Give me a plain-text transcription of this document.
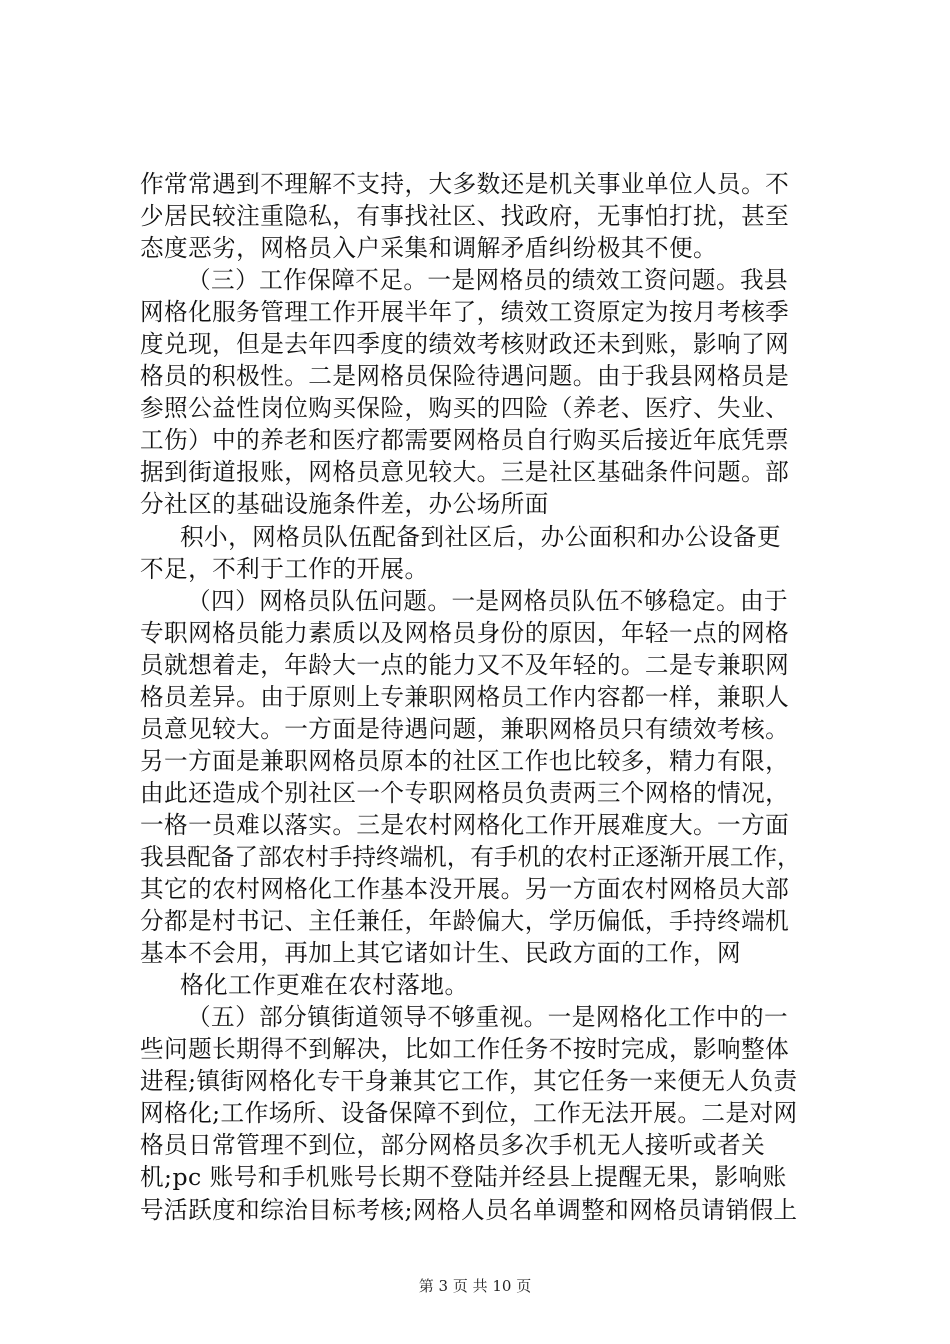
作常常遇到不理解不支持，大多数还是机关事业单位人员。不
少居民较注重隐私，有事找社区、找政府，无事怕打扰，甚至
态度恶劣，网格员入户采集和调解矛盾纠纷极其不便。
（三）工作保障不足。一是网格员的绩效工资问题。我县
网格化服务管理工作开展半年了，绩效工资原定为按月考核季
度兑现，但是去年四季度的绩效考核财政还未到账，影响了网
格员的积极性。二是网格员保险待遇问题。由于我县网格员是
参照公益性岗位购买保险，购买的四险（养老、医疗、失业、
工伤）中的养老和医疗都需要网格员自行购买后接近年底凭票
据到街道报账，网格员意见较大。三是社区基础条件问题。部
分社区的基础设施条件差，办公场所面
积小，网格员队伍配备到社区后，办公面积和办公设备更
不足，不利于工作的开展。
（四）网格员队伍问题。一是网格员队伍不够稳定。由于
专职网格员能力素质以及网格员身份的原因，年轻一点的网格
员就想着走，年龄大一点的能力又不及年轻的。二是专兼职网
格员差异。由于原则上专兼职网格员工作内容都一样，兼职人
员意见较大。一方面是待遇问题，兼职网格员只有绩效考核。
另一方面是兼职网格员原本的社区工作也比较多，精力有限，
由此还造成个别社区一个专职网格员负责两三个网格的情况，
一格一员难以落实。三是农村网格化工作开展难度大。一方面
我县配备了部农村手持终端机，有手机的农村正逐渐开展工作，
其它的农村网格化工作基本没开展。另一方面农村网格员大部
分都是村书记、主任兼任，年龄偏大，学历偏低，手持终端机
基本不会用，再加上其它诸如计生、民政方面的工作，网
格化工作更难在农村落地。
（五）部分镇街道领导不够重视。一是网格化工作中的一
些问题长期得不到解决，比如工作任务不按时完成，影响整体
进程;镇街网格化专干身兼其它工作，其它任务一来便无人负责
网格化;工作场所、设备保障不到位，工作无法开展。二是对网
格员日常管理不到位，部分网格员多次手机无人接听或者关
机;pc 账号和手机账号长期不登陆并经县上提醒无果，影响账
号活跃度和综治目标考核;网格人员名单调整和网格员请销假上
第 3 页 共 10 页
